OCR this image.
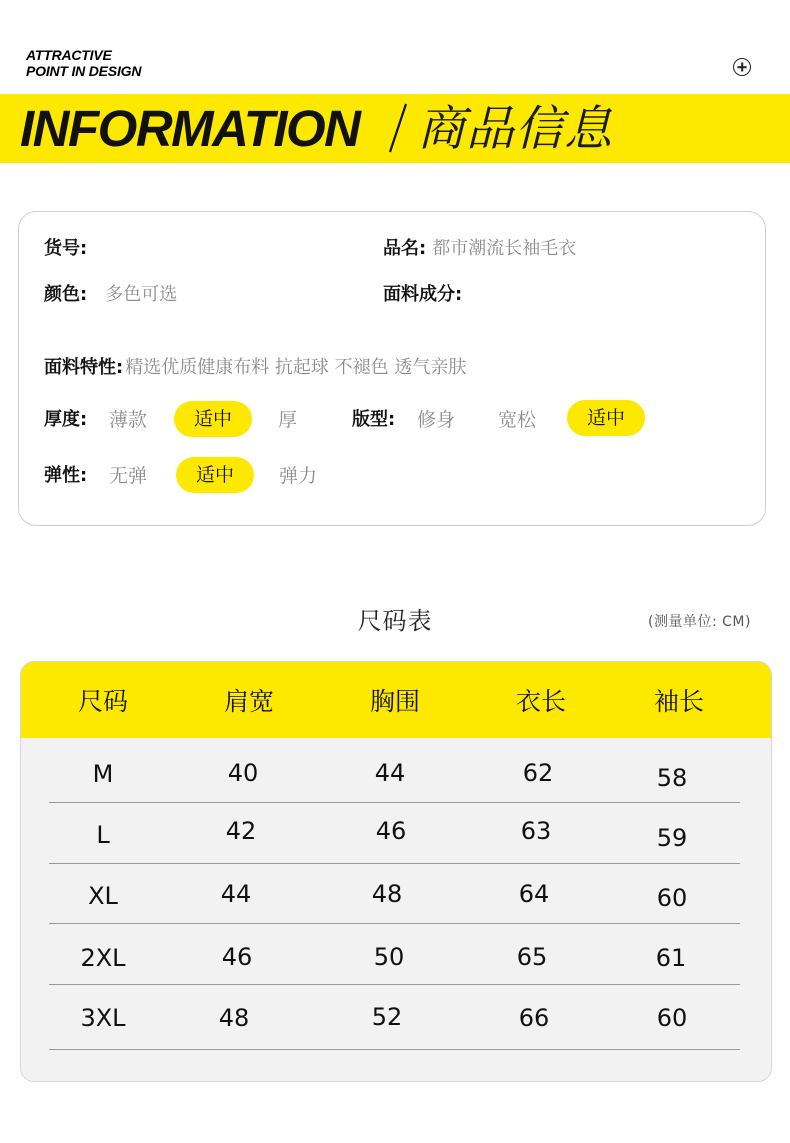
ATTRACTIVE
POINT IN DESIGN
INFORMATION 商品信息
货号:	品名: 都市潮流长袖毛衣
颜色: 多色可选	面料成分:
面料特性: 精选优质健康布料 抗起球 不褪色 透气亲肤
厚度: 薄款	适中	厚	版型: 修身 宽松	适中
弹性: 无弹	适中	弹力
尺码表	(测量单位: CM)
尺码	肩宽	胸围	衣长	袖长
M	40	44	62	58
L	42	46	63	59
XL	44	48	64	60
2XL	46	50	65	61
3XL	48	52	66	60
